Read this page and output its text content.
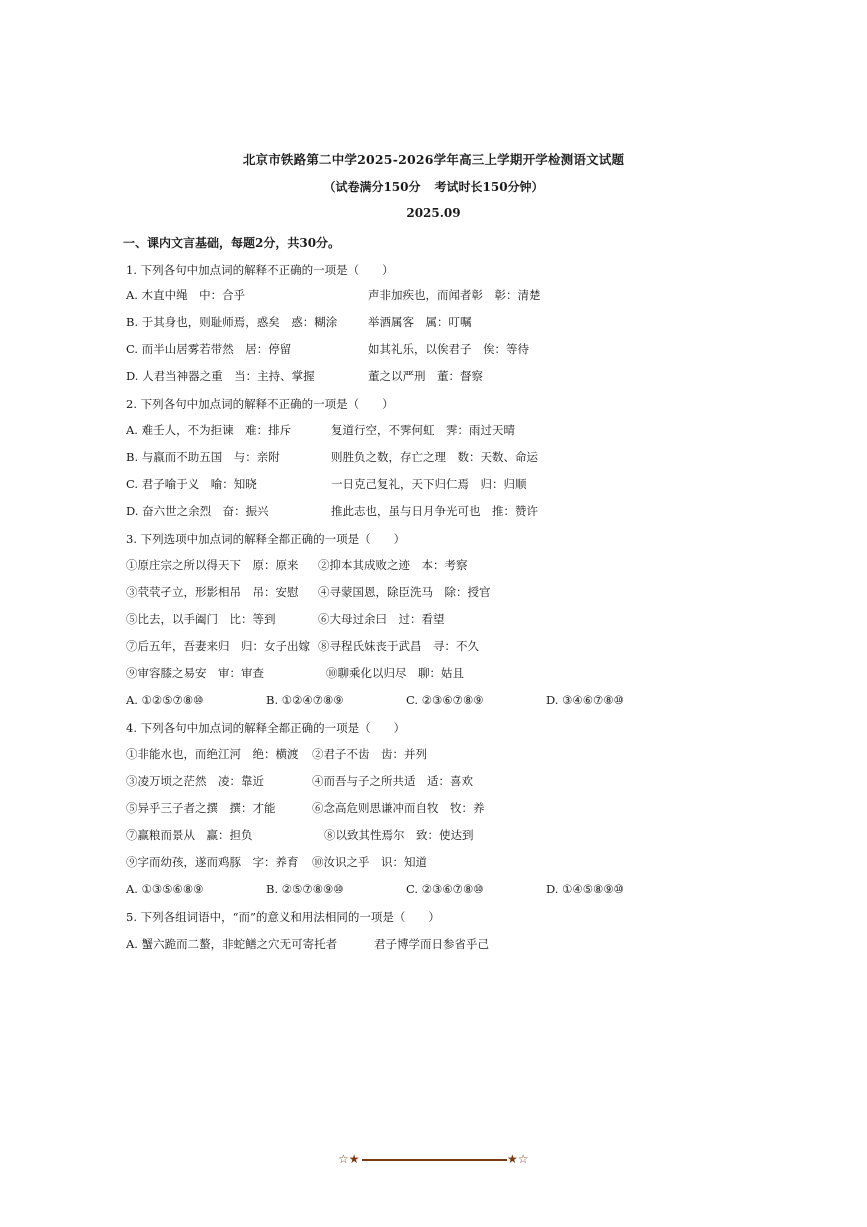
北京市铁路第二中学2025-2026学年高三上学期开学检测语文试题
（试卷满分150分 考试时长150分钟）
2025.09
一、课内文言基础，每题2分，共30分。
1. 下列各句中加点词的解释不正确的一项是（　　）
A. 木直中绳　中：合乎	声非加疾也，而闻者彰　彰：清楚
B. 于其身也，则耻师焉，惑矣　惑：糊涂	举酒属客　属：叮嘱
C. 而半山居雾若带然　居：停留	如其礼乐，以俟君子　俟：等待
D. 人君当神器之重　当：主持、掌握	董之以严刑　董：督察
2. 下列各句中加点词的解释不正确的一项是（　　）
A. 难壬人，不为拒谏　难：排斥	复道行空，不霁何虹　霁：雨过天晴
B. 与嬴而不助五国　与：亲附	则胜负之数，存亡之理　数：天数、命运
C. 君子喻于义　喻：知晓	一日克己复礼，天下归仁焉　归：归顺
D. 奋六世之余烈　奋：振兴	推此志也，虽与日月争光可也　推：赞许
3. 下列选项中加点词的解释全都正确的一项是（　　）
①原庄宗之所以得天下　原：原来 ②抑本其成败之迹　本：考察
③茕茕孑立，形影相吊　吊：安慰 ④寻蒙国恩，除臣洗马　除：授官
⑤比去，以手阖门　比：等到	⑥大母过余曰　过：看望
⑦后五年，吾妻来归　归：女子出嫁 ⑧寻程氏妹丧于武昌　寻：不久
⑨审容膝之易安　审：审查	⑩聊乘化以归尽　聊：姑且
A. ①②⑤⑦⑧⑩	B. ①②④⑦⑧⑨	C. ②③⑥⑦⑧⑨	D. ③④⑥⑦⑧⑩
4. 下列各句中加点词的解释全都正确的一项是（　　）
①非能水也，而绝江河　绝：横渡 ②君子不齿　齿：并列
③凌万顷之茫然　凌：靠近	④而吾与子之所共适　适：喜欢
⑤异乎三子者之撰　撰：才能	⑥念高危则思谦冲而自牧　牧：养
⑦赢粮而景从　赢：担负	⑧以致其性焉尔　致：使达到
⑨字而幼孩，遂而鸡豚　字：养育 ⑩汝识之乎　识：知道
A. ①③⑤⑥⑧⑨	B. ②⑤⑦⑧⑨⑩	C. ②③⑥⑦⑧⑩	D. ①④⑤⑧⑨⑩
5. 下列各组词语中，“而”的意义和用法相同的一项是（　　）
A. 蟹六跪而二螯，非蛇鳝之穴无可寄托者	君子博学而日参省乎己
☆★	★☆
